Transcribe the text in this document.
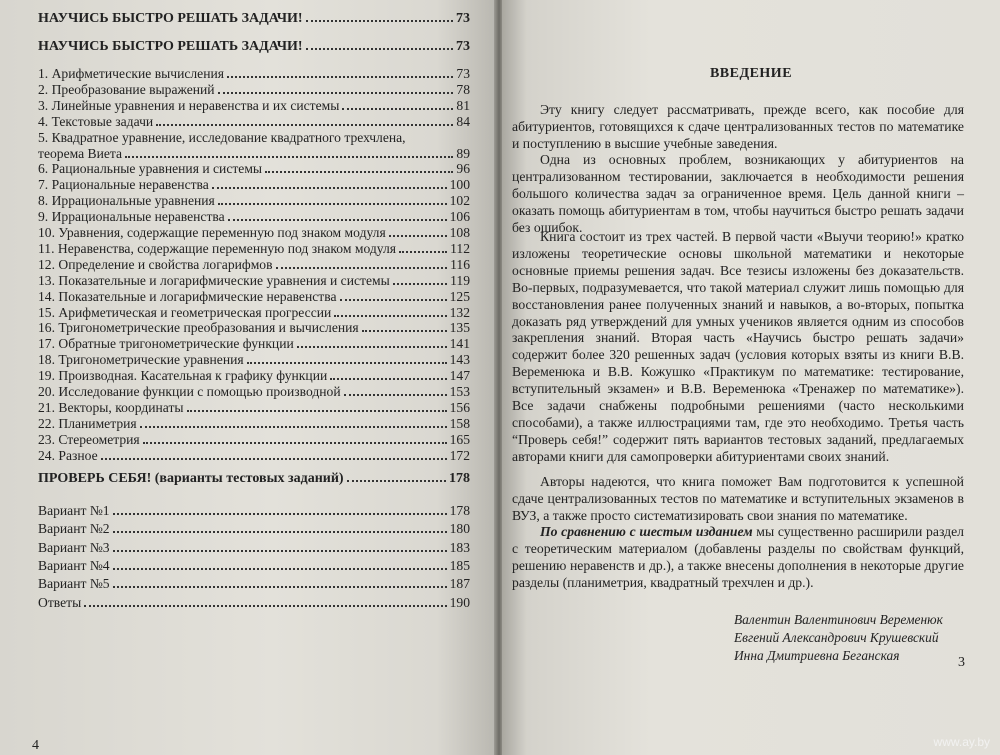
НАУЧИСЬ БЫСТРО РЕШАТЬ ЗАДАЧИ!	73
НАУЧИСЬ БЫСТРО РЕШАТЬ ЗАДАЧИ!	73
1. Арифметические вычисления	73
2. Преобразование выражений	78
3. Линейные уравнения и неравенства и их системы	81
4. Текстовые задачи	84
5. Квадратное уравнение, исследование квадратного трехчлена,
теорема Виета	89
6. Рациональные уравнения и системы	96
7. Рациональные неравенства	100
8. Иррациональные уравнения	102
9. Иррациональные неравенства	106
10. Уравнения, содержащие переменную под знаком модуля	108
11. Неравенства, содержащие переменную под знаком модуля	112
12. Определение и свойства логарифмов	116
13. Показательные и логарифмические уравнения и системы	119
14. Показательные и логарифмические неравенства	125
15. Арифметическая и геометрическая прогрессии	132
16. Тригонометрические преобразования и вычисления	135
17. Обратные тригонометрические функции	141
18. Тригонометрические уравнения	143
19. Производная. Касательная к графику функции	147
20. Исследование функции с помощью производной	153
21. Векторы, координаты	156
22. Планиметрия	158
23. Стереометрия	165
24. Разное	172
ПРОВЕРЬ СЕБЯ! (варианты тестовых заданий)	178
Вариант №1	178
Вариант №2	180
Вариант №3	183
Вариант №4	185
Вариант №5	187
Ответы	190
4
ВВЕДЕНИЕ
Эту книгу следует рассматривать, прежде всего, как пособие для абитуриентов, готовящихся к сдаче централизованных тестов по математике и поступлению в высшие учебные заведения.
Одна из основных проблем, возникающих у абитуриентов на централизованном тестировании, заключается в необходимости решения большого количества задач за ограниченное время. Цель данной книги – оказать помощь абитуриентам в том, чтобы научиться быстро решать задачи без ошибок.
Книга состоит из трех частей. В первой части «Выучи теорию!» кратко изложены теоретические основы школьной математики и некоторые основные приемы решения задач. Все тезисы изложены без доказательств. Во-первых, подразумевается, что такой материал служит лишь помощью для восстановления ранее полученных знаний и навыков, а во-вторых, попытка доказать ряд утверждений для умных учеников является одним из способов закрепления знаний. Вторая часть «Научись быстро решать задачи» содержит более 320 решенных задач (условия которых взяты из книги В.В. Веременюка и В.В. Кожушко «Практикум по математике: тестирование, вступительный экзамен» и В.В. Веременюка «Тренажер по математике»). Все задачи снабжены подробными решениями (часто несколькими способами), а также иллюстрациями там, где это необходимо. Третья часть “Проверь себя!” содержит пять вариантов тестовых заданий, предлагаемых авторами книги для самопроверки абитуриентами своих знаний.
Авторы надеются, что книга поможет Вам подготовится к успешной сдаче централизованных тестов по математике и вступительных экзаменов в ВУЗ, а также просто систематизировать свои знания по математике.
По сравнению с шестым изданием мы существенно расширили раздел с теоретическим материалом (добавлены разделы по свойствам функций, решению неравенств и др.), а также внесены дополнения в некоторые другие разделы (планиметрия, квадратный трехчлен и др.).
Валентин Валентинович Веременюк
Евгений Александрович Крушевский
Инна Дмитриевна Беганская	3
www.ay.by
